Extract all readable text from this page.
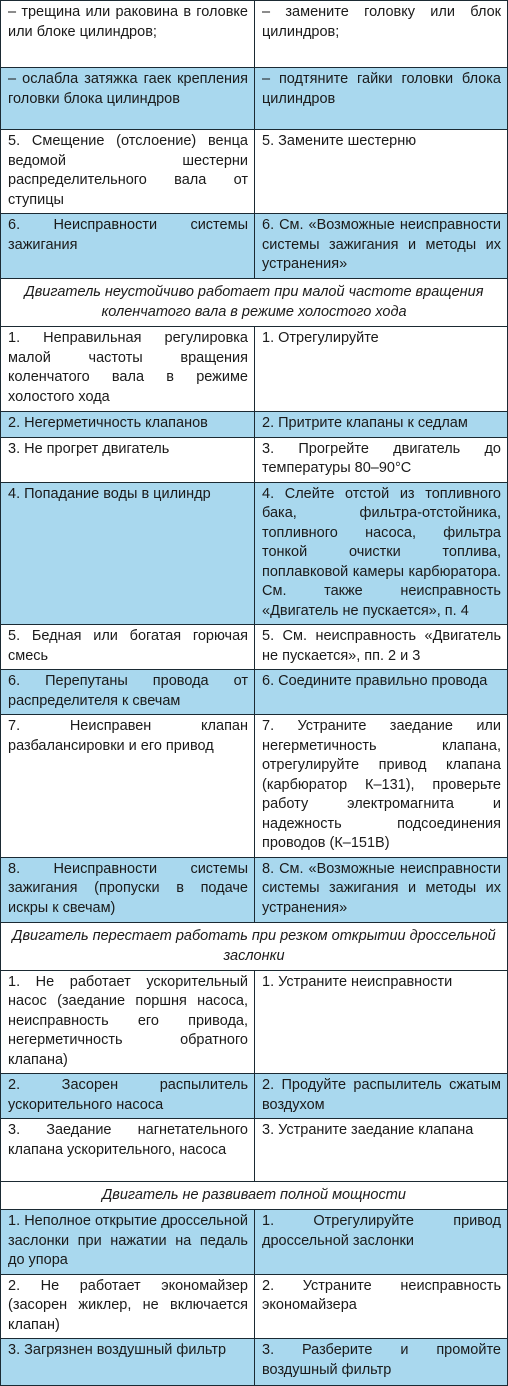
– трещина или раковина в головке или блоке цилиндров;	– замените головку или блок цилиндров;
– ослабла затяжка гаек крепления головки блока цилиндров	– подтяните гайки головки блока цилиндров
5. Смещение (отслоение) венца ведомой шестерни распределительного вала от ступицы	5. Замените шестерню
6. Неисправности системы зажигания	6. См. «Возможные неисправности системы зажигания и методы их устранения»
Двигатель неустойчиво работает при малой частоте вращения коленчатого вала в режиме холостого хода	
1. Неправильная регулировка малой частоты вращения коленчатого вала в режиме холостого хода	1. Отрегулируйте
2. Негерметичность клапанов	2. Притрите клапаны к седлам
3. Не прогрет двигатель	3. Прогрейте двигатель до температуры 80–90°С
4. Попадание воды в цилиндр	4. Слейте отстой из топливного бака, фильтра-отстойника, топливного насоса, фильтра тонкой очистки топлива, поплавковой камеры карбюратора. См. также неисправность «Двигатель не пускается», п. 4
5. Бедная или богатая горючая смесь	5. См. неисправность «Двигатель не пускается», пп. 2 и 3
6. Перепутаны провода от распределителя к свечам	6. Соедините правильно провода
7. Неисправен клапан разбалансировки и его привод	7. Устраните заедание или негерметичность клапана, отрегулируйте привод клапана (карбюратор К–131), проверьте работу электромагнита и надежность подсоединения проводов (К–151В)
8. Неисправности системы зажигания (пропуски в подаче искры к свечам)	8. См. «Возможные неисправности системы зажигания и методы их устранения»
Двигатель перестает работать при резком открытии дроссельной заслонки	
1. Не работает ускорительный насос (заедание поршня насоса, неисправность его привода, негерметичность обратного клапана)	1. Устраните неисправности
2. Засорен распылитель ускорительного насоса	2. Продуйте распылитель сжатым воздухом
3. Заедание нагнетательного клапана ускорительного, насоса	3. Устраните заедание клапана
Двигатель не развивает полной мощности	
1. Неполное открытие дроссельной заслонки при нажатии на педаль до упора	1. Отрегулируйте привод дроссельной заслонки
2. Не работает экономайзер (засорен жиклер, не включается клапан)	2. Устраните неисправность экономайзера
3. Загрязнен воздушный фильтр	3. Разберите и промойте воздушный фильтр
